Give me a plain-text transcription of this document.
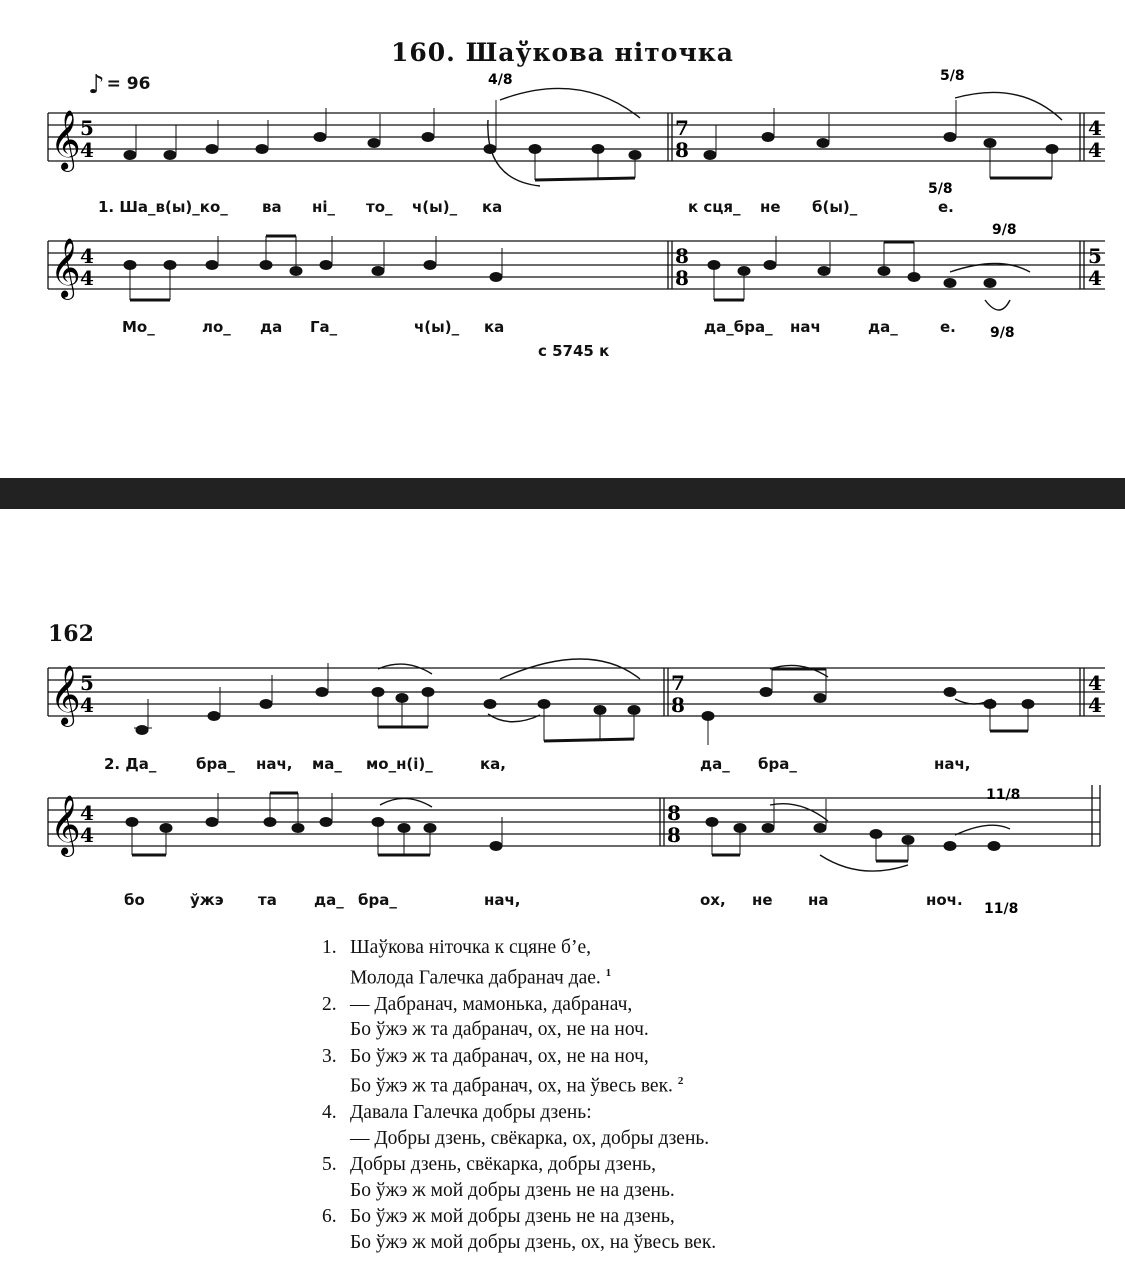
160. Шаўкова ніточка
♪ = 96
𝄞 5
4
7
8
4
4
𝄞 4
4
8
8
5
4
4/8	5/8
5/8
9/8
9/8
1. Ша_в(ы)_ко_ ва ні_ то_ ч(ы)_ ка	к сця_ не б(ы)_	е.
Мо_	ло_ да Га_	ч(ы)_ ка	да_бра_ нач	да_	е.
с 5745 к
162
𝄞 5
4
7
8
4
4
𝄞 4
4
8
8
11/8
11/8
2. Да_	бра_ нач, ма_ мо_н(і)_	ка,	да_ бра_	нач,
бо	ўжэ та да_ бра_	нач,	ох, не на	ноч.
1. Шаўкова ніточка к сцяне б’е,
Молода Галечка дабранач дае. $^1$
2. — Дабранач, мамонька, дабранач,
Бо ўжэ ж та дабранач, ох, не на ноч.
3. Бо ўжэ ж та дабранач, ох, не на ноч,
Бо ўжэ ж та дабранач, ох, на ўвесь век. $^2$
4. Давала Галечка добры дзень:
— Добры дзень, свёкарка, ох, добры дзень.
5. Добры дзень, свёкарка, добры дзень,
Бо ўжэ ж мой добры дзень не на дзень.
6. Бо ўжэ ж мой добры дзень не на дзень,
Бо ўжэ ж мой добры дзень, ох, на ўвесь век.
